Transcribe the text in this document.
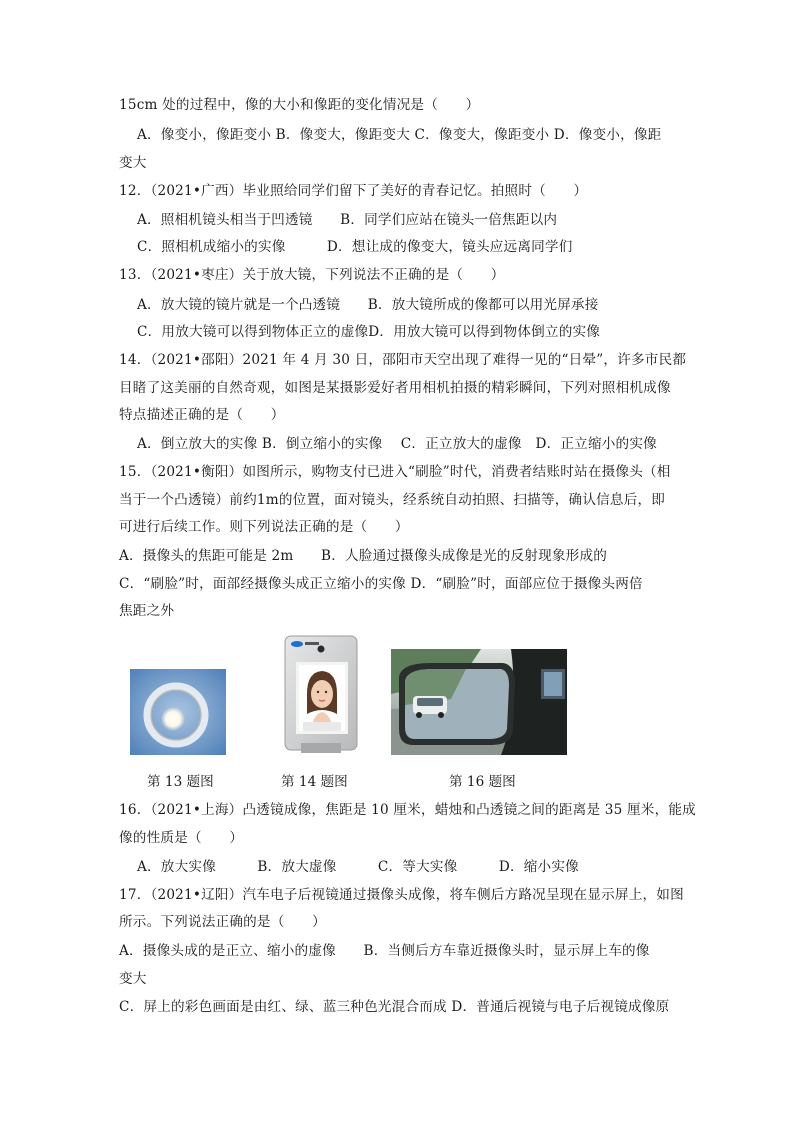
15cm 处的过程中，像的大小和像距的变化情况是（　　）
A．像变小，像距变小 B．像变大，像距变大 C．像变大，像距变小 D．像变小，像距
变大
12．（2021•广西）毕业照给同学们留下了美好的青春记忆。拍照时（　　）
A．照相机镜头相当于凹透镜　　B．同学们应站在镜头一倍焦距以内
C．照相机成缩小的实像　　　D．想让成的像变大，镜头应远离同学们
13．（2021•枣庄）关于放大镜，下列说法不正确的是（　　）
A．放大镜的镜片就是一个凸透镜　　B．放大镜所成的像都可以用光屏承接
C．用放大镜可以得到物体正立的虚像D．用放大镜可以得到物体倒立的实像
14．（2021•邵阳）2021 年 4 月 30 日，邵阳市天空出现了难得一见的“日晕”，许多市民都
目睹了这美丽的自然奇观，如图是某摄影爱好者用相机拍摄的精彩瞬间，下列对照相机成像
特点描述正确的是（　　）
A．倒立放大的实像 B．倒立缩小的实像　 C．正立放大的虚像　D．正立缩小的实像
15．（2021•衡阳）如图所示，购物支付已进入“刷脸”时代，消费者结账时站在摄像头（相
当于一个凸透镜）前约1m的位置，面对镜头，经系统自动拍照、扫描等，确认信息后，即
可进行后续工作。则下列说法正确的是（　　）
A．摄像头的焦距可能是 2m　　B．人脸通过摄像头成像是光的反射现象形成的
C．“刷脸”时，面部经摄像头成正立缩小的实像 D．“刷脸”时，面部应位于摄像头两倍
焦距之外
第 13 题图	第 14 题图	第 16 题图
16．（2021•上海）凸透镜成像，焦距是 10 厘米，蜡烛和凸透镜之间的距离是 35 厘米，能成
像的性质是（　　）
A．放大实像　　　B．放大虚像　　　C．等大实像　　　D．缩小实像
17．（2021•辽阳）汽车电子后视镜通过摄像头成像，将车侧后方路况呈现在显示屏上，如图
所示。下列说法正确的是（　　）
A．摄像头成的是正立、缩小的虚像　　B．当侧后方车靠近摄像头时，显示屏上车的像
变大
C．屏上的彩色画面是由红、绿、蓝三种色光混合而成 D．普通后视镜与电子后视镜成像原
